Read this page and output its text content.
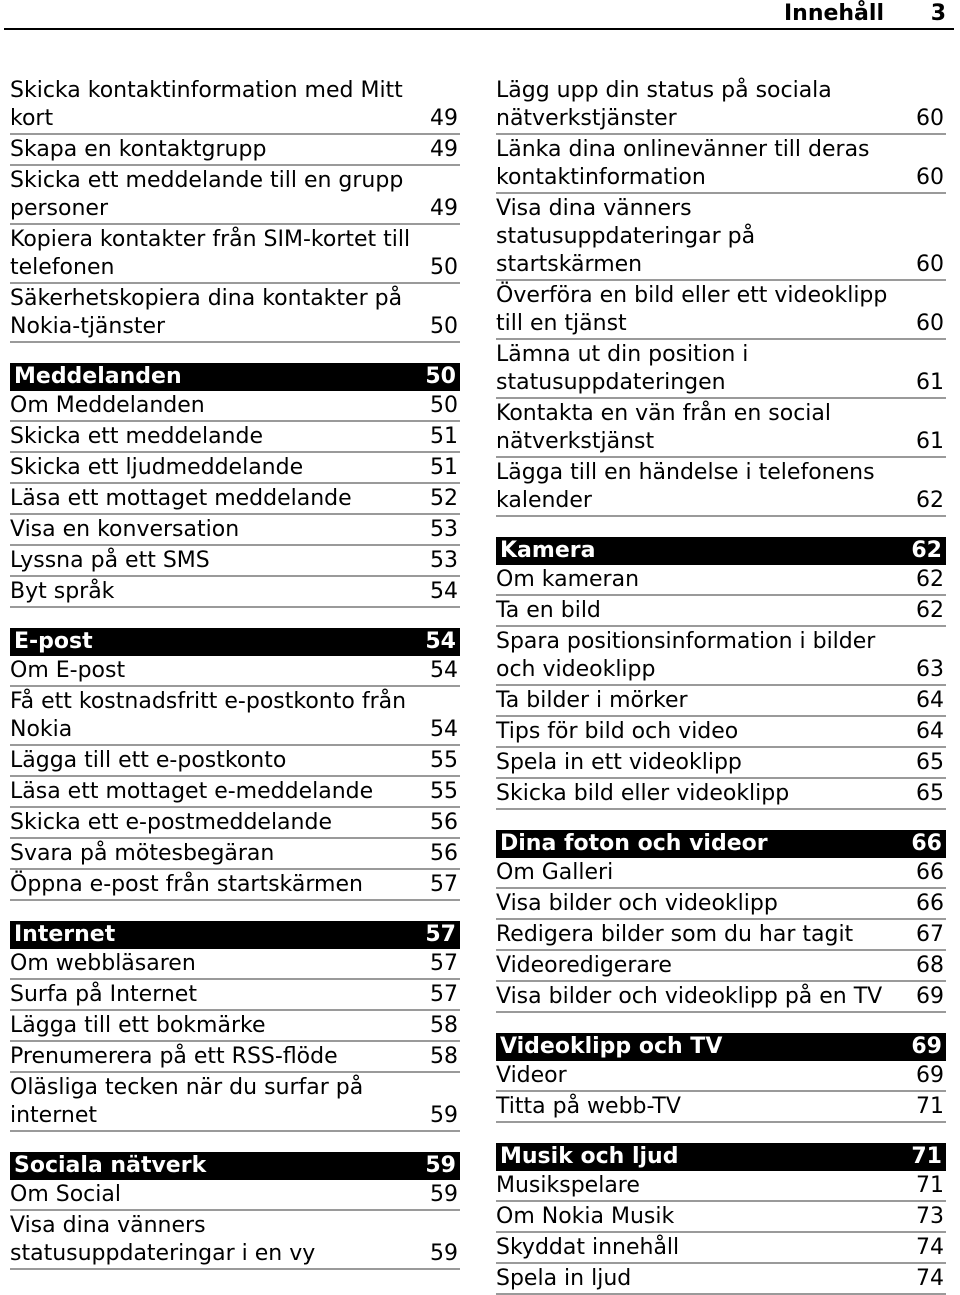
Innehåll 3
Skicka kontaktinformation med Mitt kort	49
Skapa en kontaktgrupp	49
Skicka ett meddelande till en grupp personer	49
Kopiera kontakter från SIM-kortet till telefonen	50
Säkerhetskopiera dina kontakter på Nokia-tjänster	50
Meddelanden	50
Om Meddelanden	50
Skicka ett meddelande	51
Skicka ett ljudmeddelande	51
Läsa ett mottaget meddelande	52
Visa en konversation	53
Lyssna på ett SMS	53
Byt språk	54
E-post	54
Om E-post	54
Få ett kostnadsfritt e-postkonto från Nokia	54
Lägga till ett e-postkonto	55
Läsa ett mottaget e-meddelande	55
Skicka ett e-postmeddelande	56
Svara på mötesbegäran	56
Öppna e-post från startskärmen	57
Internet	57
Om webbläsaren	57
Surfa på Internet	57
Lägga till ett bokmärke	58
Prenumerera på ett RSS-flöde	58
Oläsliga tecken när du surfar på internet	59
Sociala nätverk	59
Om Social	59
Visa dina vänners statusuppdateringar i en vy	59
Lägg upp din status på sociala nätverkstjänster	60
Länka dina onlinevänner till deras kontaktinformation	60
Visa dina vänners statusuppdateringar på startskärmen	60
Överföra en bild eller ett videoklipp till en tjänst	60
Lämna ut din position i statusuppdateringen	61
Kontakta en vän från en social nätverkstjänst	61
Lägga till en händelse i telefonens kalender	62
Kamera	62
Om kameran	62
Ta en bild	62
Spara positionsinformation i bilder och videoklipp	63
Ta bilder i mörker	64
Tips för bild och video	64
Spela in ett videoklipp	65
Skicka bild eller videoklipp	65
Dina foton och videor	66
Om Galleri	66
Visa bilder och videoklipp	66
Redigera bilder som du har tagit	67
Videoredigerare	68
Visa bilder och videoklipp på en TV	69
Videoklipp och TV	69
Videor	69
Titta på webb-TV	71
Musik och ljud	71
Musikspelare	71
Om Nokia Musik	73
Skyddat innehåll	74
Spela in ljud	74
